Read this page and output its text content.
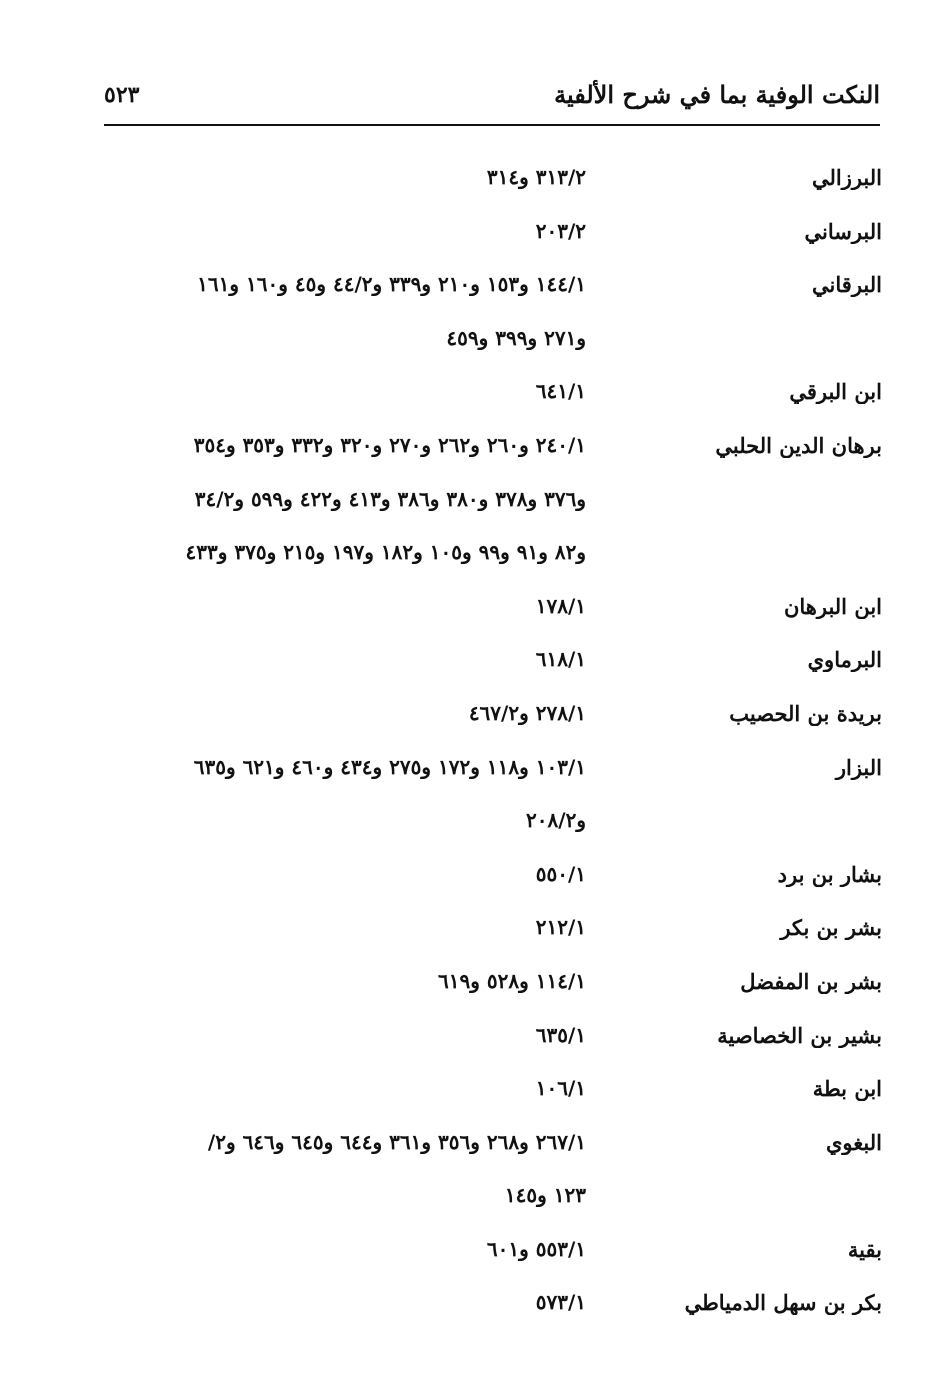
النكت الوفية بما في شرح الألفية
٥٢٣
البرزالي
٣١٣/٢ و٣١٤
البرساني
٢٠٣/٢
البرقاني
١٤٤/١ و١٥٣ و٢١٠ و٣٣٩ و٤٤/٢ و٤٥ و١٦٠ و١٦١
و٢٧١ و٣٩٩ و٤٥٩
ابن البرقي
٦٤١/١
برهان الدين الحلبي
٢٤٠/١ و٢٦٠ و٢٦٢ و٢٧٠ و٣٢٠ و٣٣٢ و٣٥٣ و٣٥٤
و٣٧٦ و٣٧٨ و٣٨٠ و٣٨٦ و٤١٣ و٤٢٢ و٥٩٩ و٣٤/٢
و٨٢ و٩١ و٩٩ و١٠٥ و١٨٢ و١٩٧ و٢١٥ و٣٧٥ و٤٣٣
ابن البرهان
١٧٨/١
البرماوي
٦١٨/١
بريدة بن الحصيب
٢٧٨/١ و٤٦٧/٢
البزار
١٠٣/١ و١١٨ و١٧٢ و٢٧٥ و٤٣٤ و٤٦٠ و٦٢١ و٦٣٥
و٢٠٨/٢
بشار بن برد
٥٥٠/١
بشر بن بكر
٢١٢/١
بشر بن المفضل
١١٤/١ و٥٢٨ و٦١٩
بشير بن الخصاصية
٦٣٥/١
ابن بطة
١٠٦/١
البغوي
٢٦٧/١ و٢٦٨ و٣٥٦ و٣٦١ و٦٤٤ و٦٤٥ و٦٤٦ و٢/
١٢٣ و١٤٥
بقية
٥٥٣/١ و٦٠١
بكر بن سهل الدمياطي
٥٧٣/١
